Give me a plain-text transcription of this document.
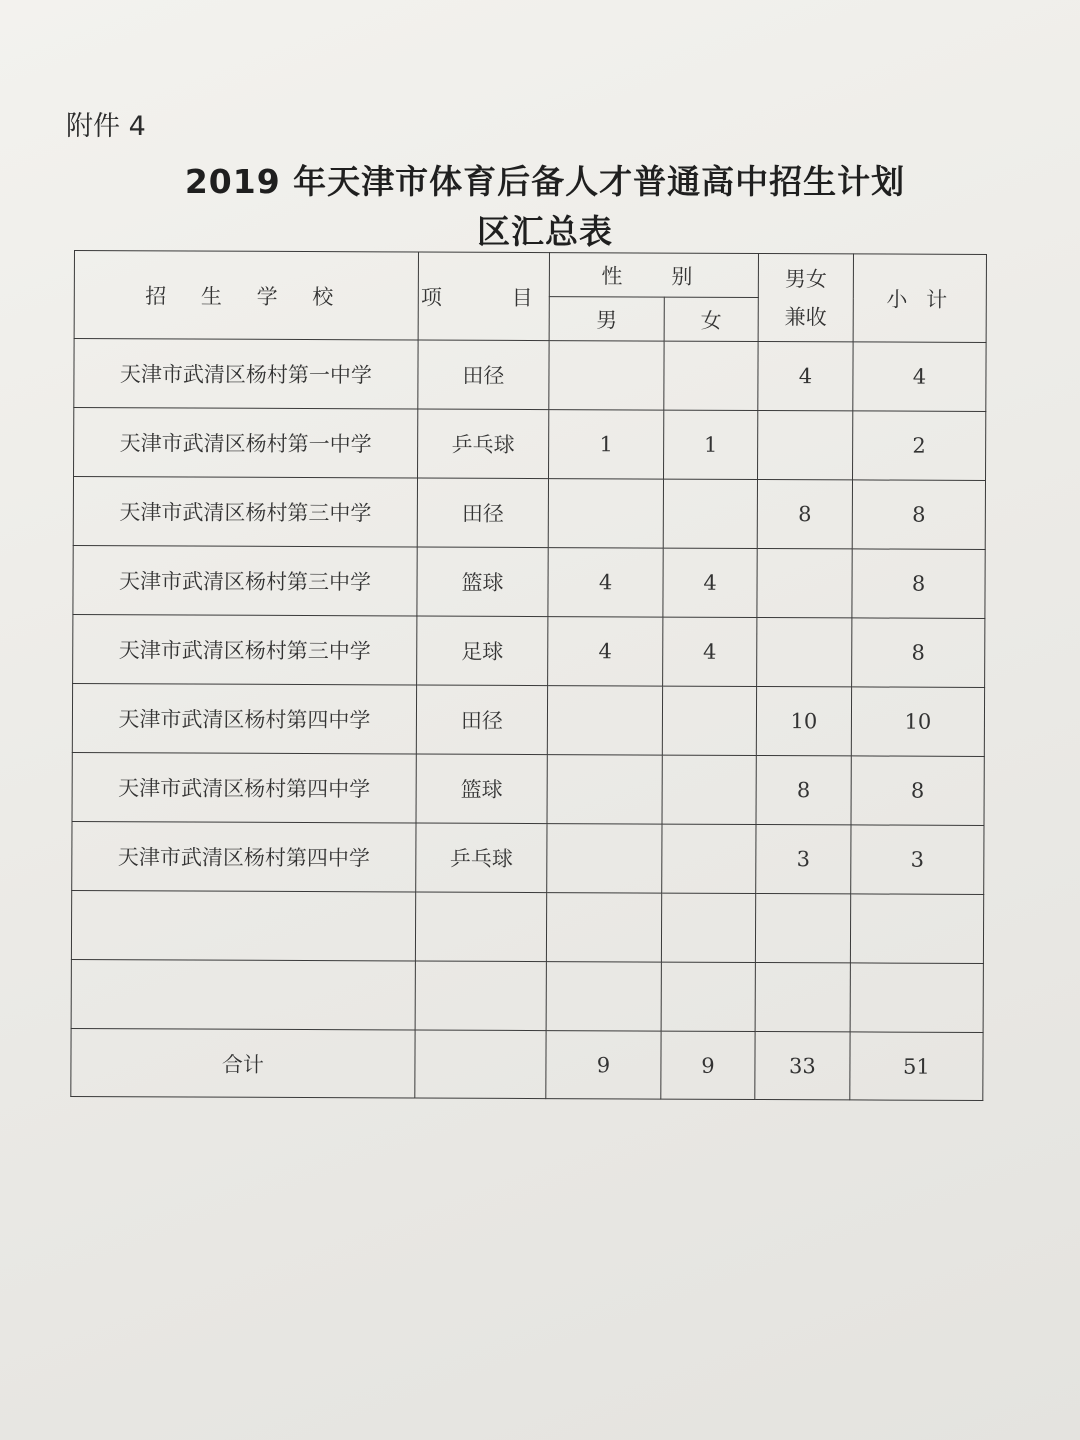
附件 4
2019 年天津市体育后备人才普通高中招生计划
区汇总表
招 生 学 校	项　 目	性　别		男女兼收	小 计
		男	女		
天津市武清区杨村第一中学	田径			4	4
天津市武清区杨村第一中学	乒乓球	1	1		2
天津市武清区杨村第三中学	田径			8	8
天津市武清区杨村第三中学	篮球	4	4		8
天津市武清区杨村第三中学	足球	4	4		8
天津市武清区杨村第四中学	田径			10	10
天津市武清区杨村第四中学	篮球			8	8
天津市武清区杨村第四中学	乒乓球			3	3

合计		9	9	33	51
